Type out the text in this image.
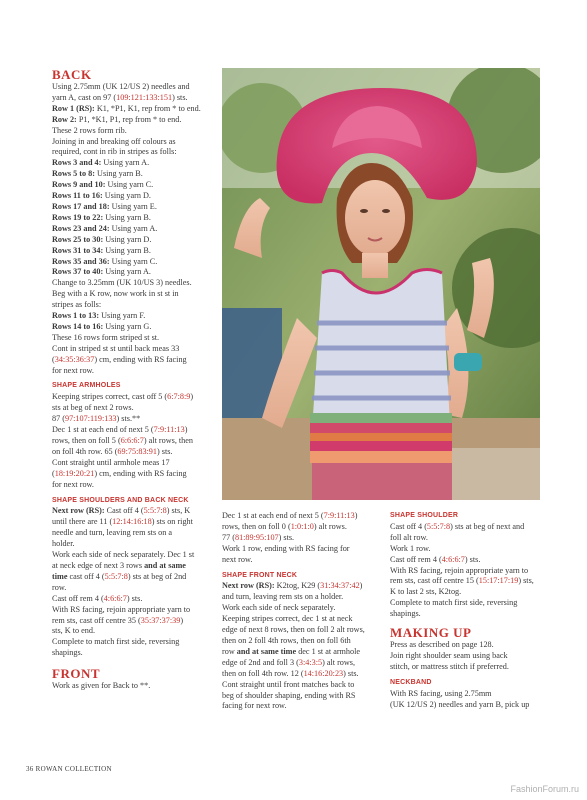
BACK

Using 2.75mm (UK 12/US 2) needles and

yarn A, cast on 97 (109:121:133:151) sts.

Row 1 (RS): K1, *P1, K1, rep from * to end.

Row 2: P1, *K1, P1, rep from * to end.

These 2 rows form rib.

Joining in and breaking off colours as

required, cont in rib in stripes as folls:

Rows 3 and 4: Using yarn A.

Rows 5 to 8: Using yarn B.

Rows 9 and 10: Using yarn C.

Rows 11 to 16: Using yarn D.

Rows 17 and 18: Using yarn E.

Rows 19 to 22: Using yarn B.

Rows 23 and 24: Using yarn A.

Rows 25 to 30: Using yarn D.

Rows 31 to 34: Using yarn B.

Rows 35 and 36: Using yarn C.

Rows 37 to 40: Using yarn A.

Change to 3.25mm (UK 10/US 3) needles.

Beg with a K row, now work in st st in

stripes as folls:

Rows 1 to 13: Using yarn F.

Rows 14 to 16: Using yarn G.

These 16 rows form striped st st.

Cont in striped st st until back meas 33

(34:35:36:37) cm, ending with RS facing

for next row.

SHAPE ARMHOLES

Keeping stripes correct, cast off 5 (6:7:8:9)

sts at beg of next 2 rows.

87 (97:107:119:133) sts.**

Dec 1 st at each end of next 5 (7:9:11:13)

rows, then on foll 5 (6:6:6:7) alt rows, then

on foll 4th row. 65 (69:75:83:91) sts.

Cont straight until armhole meas 17

(18:19:20:21) cm, ending with RS facing

for next row.

SHAPE SHOULDERS AND BACK NECK

Next row (RS): Cast off 4 (5:5:7:8) sts, K

until there are 11 (12:14:16:18) sts on right

needle and turn, leaving rem sts on a

holder.

Work each side of neck separately. Dec 1 st

at neck edge of next 3 rows and at same

time cast off 4 (5:5:7:8) sts at beg of 2nd

row.

Cast off rem 4 (4:6:6:7) sts.

With RS facing, rejoin appropriate yarn to

rem sts, cast off centre 35 (35:37:37:39)

sts, K to end.

Complete to match first side, reversing

shapings.

FRONT

Work as given for Back to **.

Dec 1 st at each end of next 5 (7:9:11:13)

rows, then on foll 0 (1:0:1:0) alt rows.

77 (81:89:95:107) sts.

Work 1 row, ending with RS facing for

next row.

SHAPE FRONT NECK

Next row (RS): K2tog, K29 (31:34:37:42)

and turn, leaving rem sts on a holder.

Work each side of neck separately.

Keeping stripes correct, dec 1 st at neck

edge of next 8 rows, then on foll 2 alt rows,

then on 2 foll 4th rows, then on foll 6th

row and at same time dec 1 st at armhole

edge of 2nd and foll 3 (3:4:3:5) alt rows,

then on foll 4th row. 12 (14:16:20:23) sts.

Cont straight until front matches back to

beg of shoulder shaping, ending with RS

facing for next row.

SHAPE SHOULDER

Cast off 4 (5:5:7:8) sts at beg of next and

foll alt row.

Work 1 row.

Cast off rem 4 (4:6:6:7) sts.

With RS facing, rejoin appropriate yarn to

rem sts, cast off centre 15 (15:17:17:19) sts,

K to last 2 sts, K2tog.

Complete to match first side, reversing

shapings.

MAKING UP

Press as described on page 128.

Join right shoulder seam using back

stitch, or mattress stitch if preferred.

NECKBAND

With RS facing, using 2.75mm

(UK 12/US 2) needles and yarn B, pick up

36 ROWAN COLLECTION
FashionForum.ru
